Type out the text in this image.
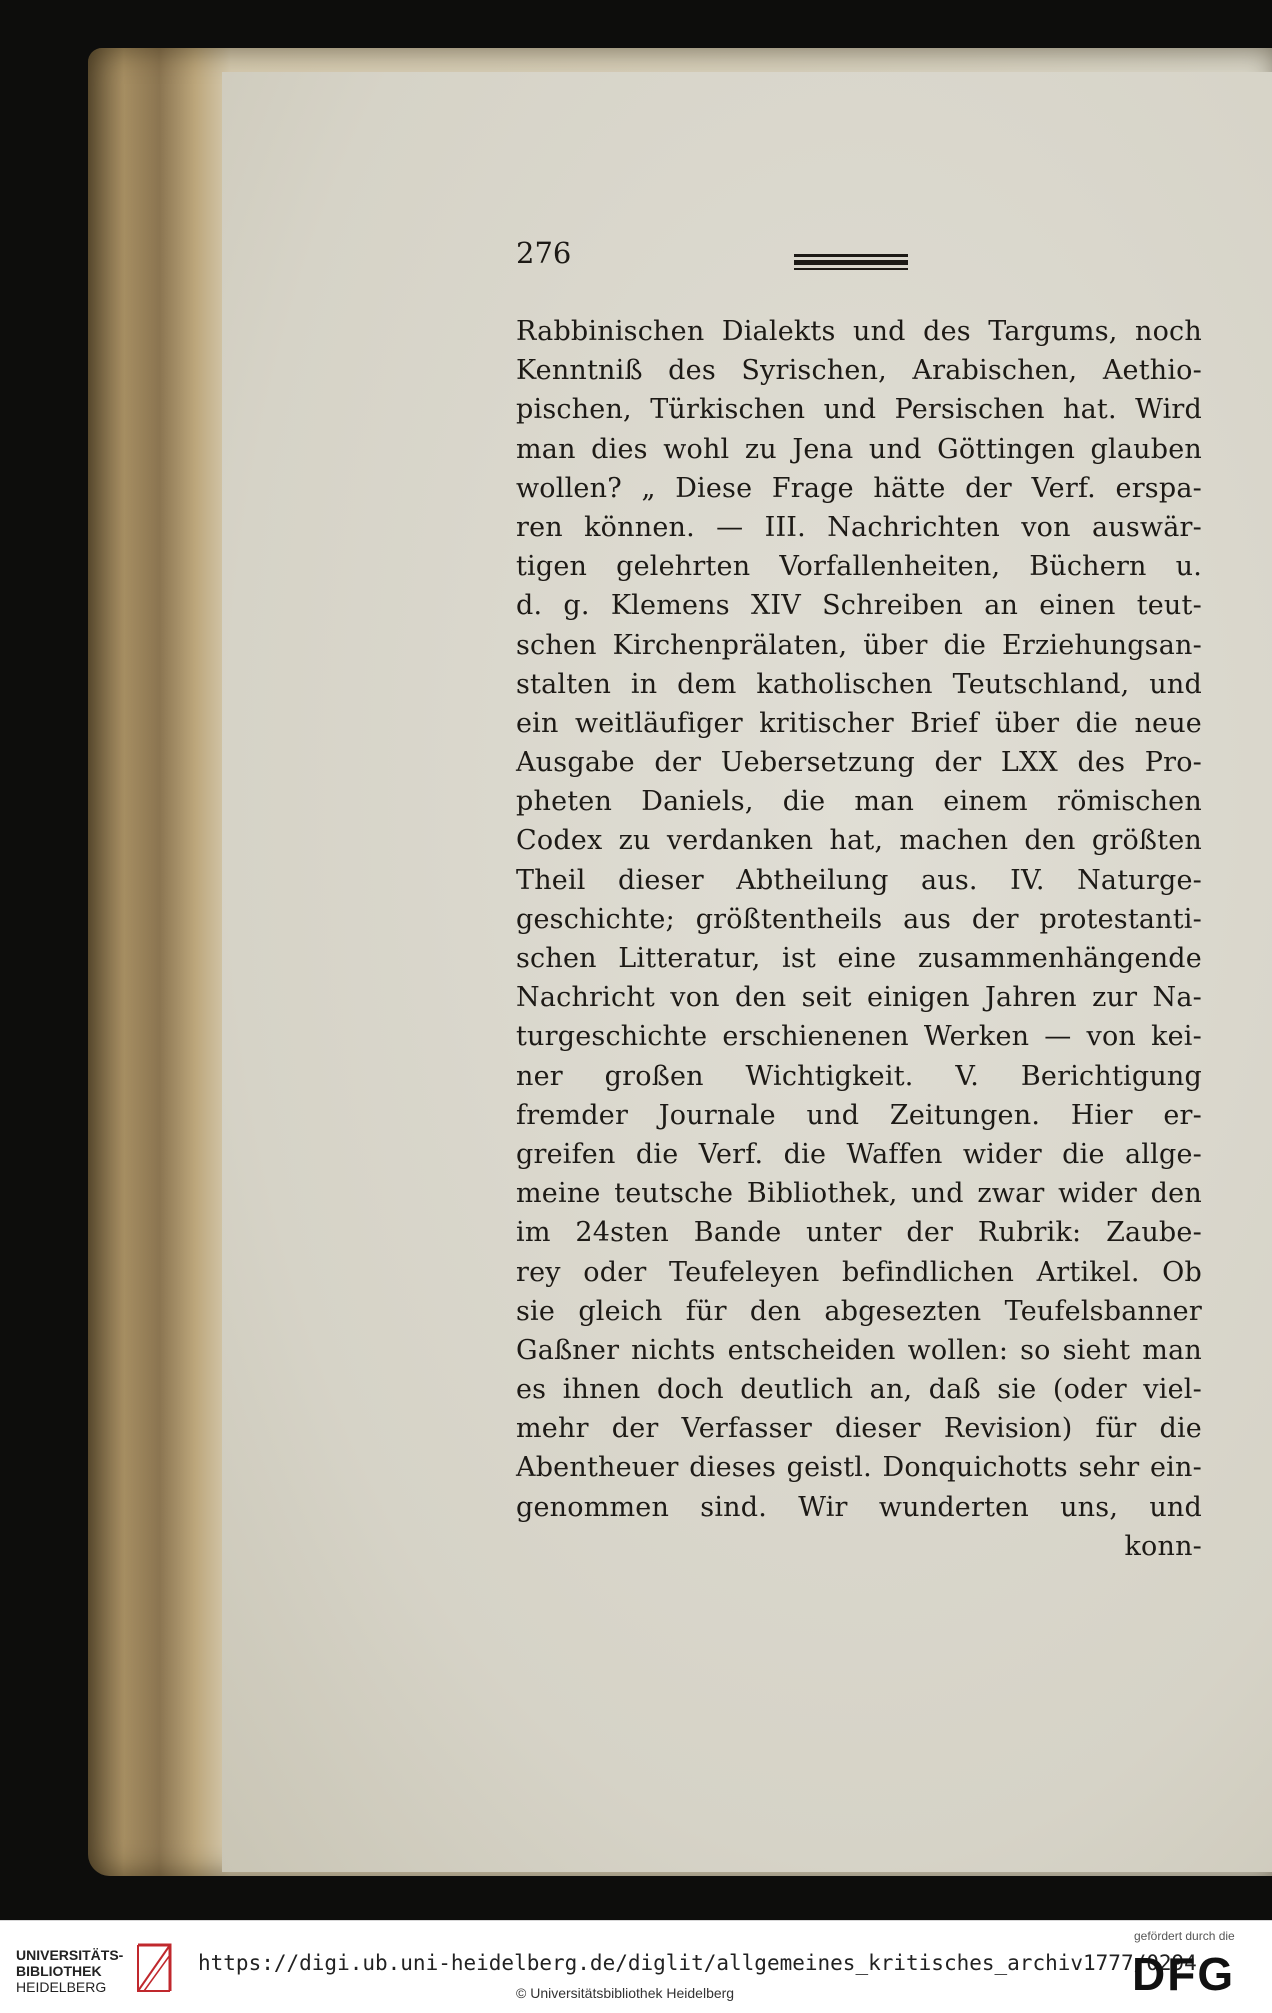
276
Rabbinischen Dialekts und des Targums, noch
Kenntniß des Syrischen, Arabischen, Aethio-
pischen, Türkischen und Persischen hat. Wird
man dies wohl zu Jena und Göttingen glauben
wollen? „ Diese Frage hätte der Verf. erspa-
ren können. — III. Nachrichten von auswär-
tigen gelehrten Vorfallenheiten, Büchern u.
d. g. Klemens XIV Schreiben an einen teut-
schen Kirchenprälaten, über die Erziehungsan-
stalten in dem katholischen Teutschland, und
ein weitläufiger kritischer Brief über die neue
Ausgabe der Uebersetzung der LXX des Pro-
pheten Daniels, die man einem römischen
Codex zu verdanken hat, machen den größten
Theil dieser Abtheilung aus. IV. Naturge-
geschichte; größtentheils aus der protestanti-
schen Litteratur, ist eine zusammenhängende
Nachricht von den seit einigen Jahren zur Na-
turgeschichte erschienenen Werken — von kei-
ner großen Wichtigkeit. V. Berichtigung
fremder Journale und Zeitungen. Hier er-
greifen die Verf. die Waffen wider die allge-
meine teutsche Bibliothek, und zwar wider den
im 24sten Bande unter der Rubrik: Zaube-
rey oder Teufeleyen befindlichen Artikel. Ob
sie gleich für den abgesezten Teufelsbanner
Gaßner nichts entscheiden wollen: so sieht man
es ihnen doch deutlich an, daß sie (oder viel-
mehr der Verfasser dieser Revision) für die
Abentheuer dieses geistl. Donquichotts sehr ein-
genommen sind. Wir wunderten uns, und
konn-
UNIVERSITÄTS-
BIBLIOTHEK
HEIDELBERG
https://digi.ub.uni-heidelberg.de/diglit/allgemeines_kritisches_archiv1777/0294
© Universitätsbibliothek Heidelberg
gefördert durch die
DFG
